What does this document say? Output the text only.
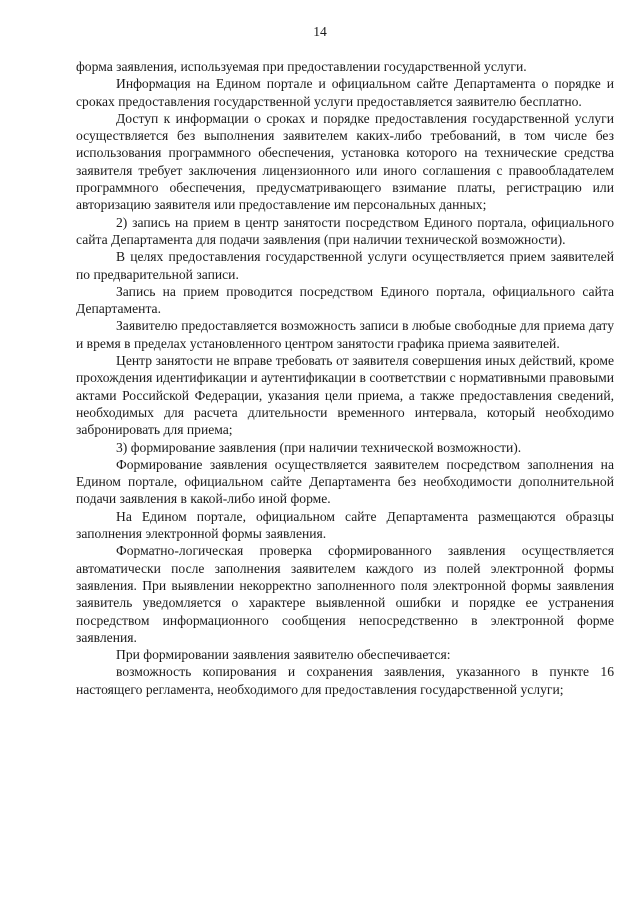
14

форма заявления, используемая при предоставлении государственной услуги.

Информация на Едином портале и официальном сайте Департамента о порядке и сроках предоставления государственной услуги предоставляется заявителю бесплатно.

Доступ к информации о сроках и порядке предоставления государственной услуги осуществляется без выполнения заявителем каких-либо требований, в том числе без использования программного обеспечения, установка которого на технические средства заявителя требует заключения лицензионного или иного соглашения с правообладателем программного обеспечения, предусматривающего взимание платы, регистрацию или авторизацию заявителя или предоставление им персональных данных;

2) запись на прием в центр занятости посредством Единого портала, официального сайта Департамента для подачи заявления (при наличии технической возможности).

В целях предоставления государственной услуги осуществляется прием заявителей по предварительной записи.

Запись на прием проводится посредством Единого портала, официального сайта Департамента.

Заявителю предоставляется возможность записи в любые свободные для приема дату и время в пределах установленного центром занятости графика приема заявителей.

Центр занятости не вправе требовать от заявителя совершения иных действий, кроме прохождения идентификации и аутентификации в соответствии с нормативными правовыми актами Российской Федерации, указания цели приема, а также предоставления сведений, необходимых для расчета длительности временного интервала, который необходимо забронировать для приема;

3) формирование заявления (при наличии технической возможности).

Формирование заявления осуществляется заявителем посредством заполнения на Едином портале, официальном сайте Департамента без необходимости дополнительной подачи заявления в какой-либо иной форме.

На Едином портале, официальном сайте Департамента размещаются образцы заполнения электронной формы заявления.

Форматно-логическая проверка сформированного заявления осуществляется автоматически после заполнения заявителем каждого из полей электронной формы заявления. При выявлении некорректно заполненного поля электронной формы заявления заявитель уведомляется о характере выявленной ошибки и порядке ее устранения посредством информационного сообщения непосредственно в электронной форме заявления.

При формировании заявления заявителю обеспечивается:

возможность копирования и сохранения заявления, указанного в пункте 16 настоящего регламента, необходимого для предоставления государственной услуги;
